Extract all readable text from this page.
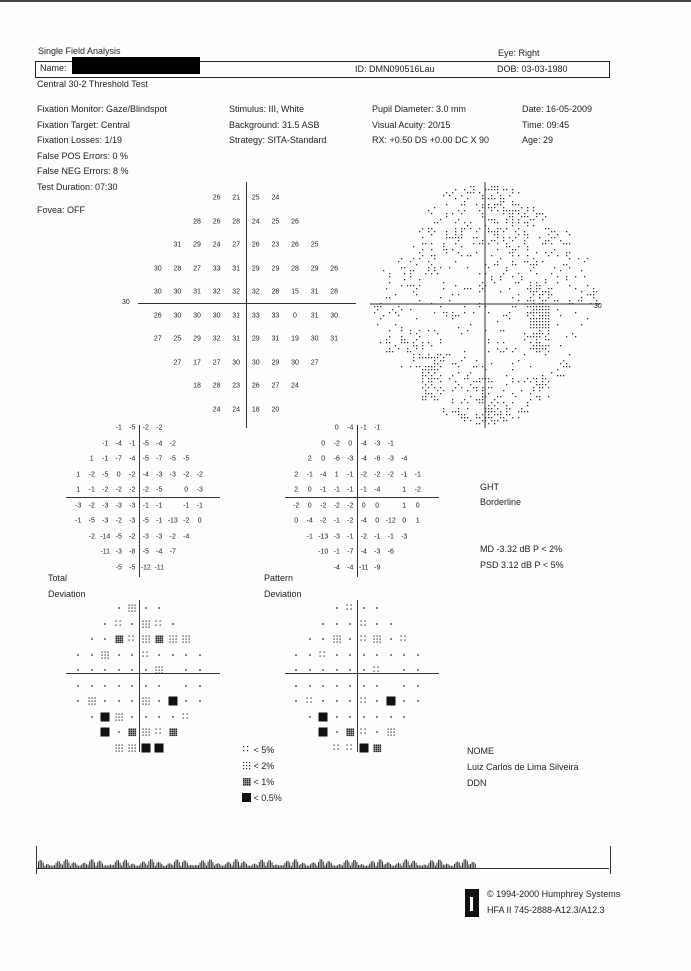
Single Field Analysis	Eye: Right
Name:	ID: DMN090516Lau	DOB: 03-03-1980
Central 30-2 Threshold Test
Fixation Monitor: Gaze/Blindspot
Fixation Target: Central
Fixation Losses: 1/19
False POS Errors: 0 %
False NEG Errors: 8 %
Test Duration: 07:30
Fovea: OFF
Stimulus: III, White
Background: 31.5 ASB
Strategy: SITA-Standard
Pupil Diameter: 3.0 mm
Visual Acuity: 20/15
RX: +0.50 DS +0.00 DC X 90
Date: 16-05-2009
Time: 09:45
Age: 29
30
26 21 25 24
28 26 28 24 25 26
31 29 24 27 26 23 26 25
30 28 27 33 31 29 29 28 29 26
30 30 31 32 32 32 28 15 31 28
26 30 30 30 31 33 33 0 31 30
27 25 29 32 31 29 31 19 30 31
27 17 27 30 30 29 30 27
18 28 23 26 27 24
24 24 18 20
30
-1 -5 -2 -2
-1 -4 -1 -5 -4 -2
1 -1 -7 -4 -5 -7 -5 -5
1 -2 -5 0 -2 -4 -3 -3 -2 -2
1 -1 -2 -2 -2 -2 -5	0 -3
-3 -2 -3 -3 -3 -1 -1	-1 -1
-1 -5 -3 -2 -3 -5 -1 -13 -2 0
-2 -14 -5 -2 -3 -3 -2 -4
-11 -3 -8 -5 -4 -7
-5 -5 -12 -11
0 -4 -1 -1
0 -2 0 -4 -3 -1
2 0 -6 -3 -4 -6 -3 -4
2 -1 -4 1 -1 -2 -2 -2 -1 -1
2 0 -1 -1 -1 -1 -4	1 -2
-2 0 -2 -2 -2 0 0	1 0
0 -4 -2 -1 -2 -4 0 -12 0 1
-1 -13 -3 -1 -2 -1 -1 -3
-10 -1 -7 -4 -3 -6
-4 -4 -11 -9
GHT
Borderline
MD -3.32 dB P < 2%
PSD 3.12 dB P < 5%
Total
Deviation
Pattern
Deviation
< 5%
< 2%
< 1%
< 0.5%
NOME
Luiz Carlos de Lima Silveira
DDN
© 1994-2000 Humphrey Systems
HFA II 745-2888-A12.3/A12.3
